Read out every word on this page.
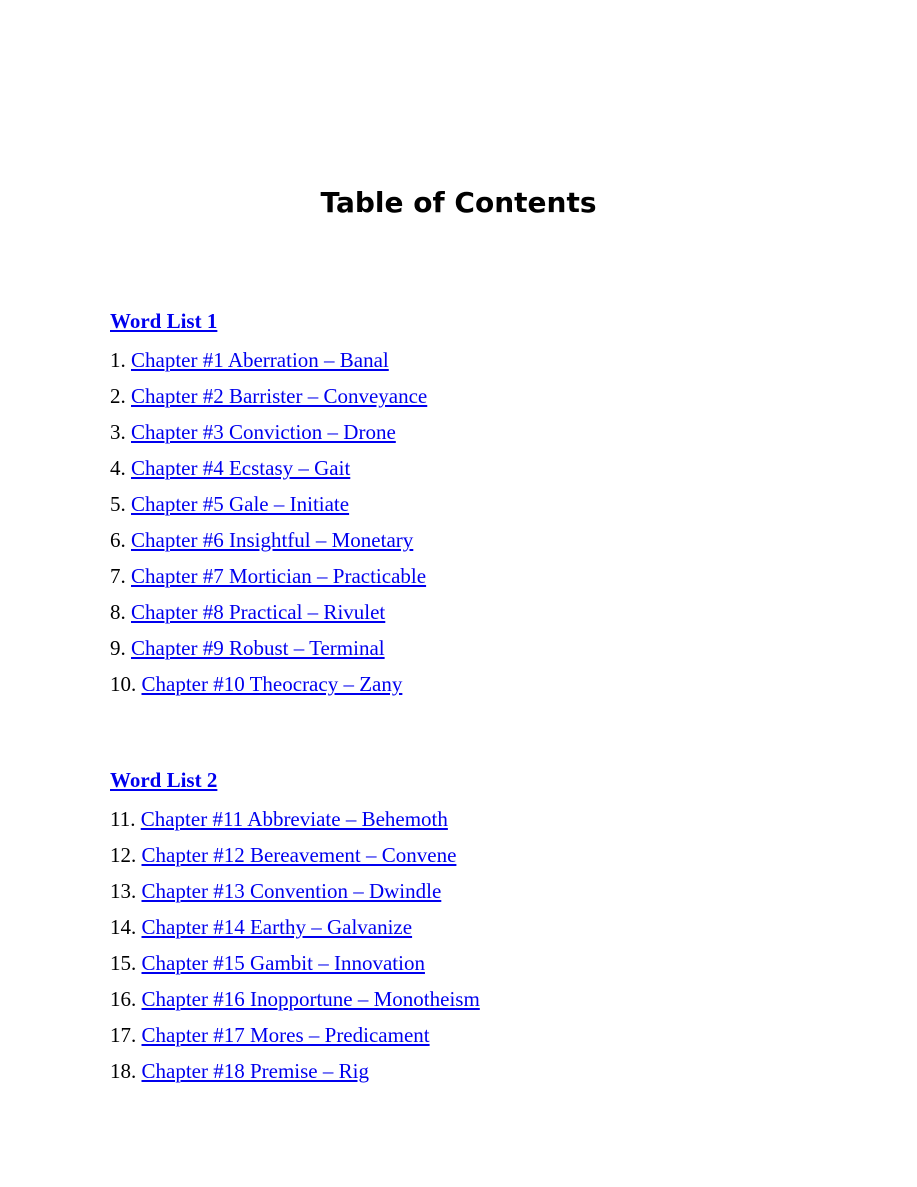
Table of Contents
Word List 1
1. Chapter #1 Aberration – Banal
2. Chapter #2 Barrister – Conveyance
3. Chapter #3 Conviction – Drone
4. Chapter #4 Ecstasy – Gait
5. Chapter #5 Gale – Initiate
6. Chapter #6 Insightful – Monetary
7. Chapter #7 Mortician – Practicable
8. Chapter #8 Practical – Rivulet
9. Chapter #9 Robust – Terminal
10. Chapter #10 Theocracy – Zany
Word List 2
11. Chapter #11 Abbreviate – Behemoth
12. Chapter #12 Bereavement – Convene
13. Chapter #13 Convention – Dwindle
14. Chapter #14 Earthy – Galvanize
15. Chapter #15 Gambit – Innovation
16. Chapter #16 Inopportune – Monotheism
17. Chapter #17 Mores – Predicament
18. Chapter #18 Premise – Rig
